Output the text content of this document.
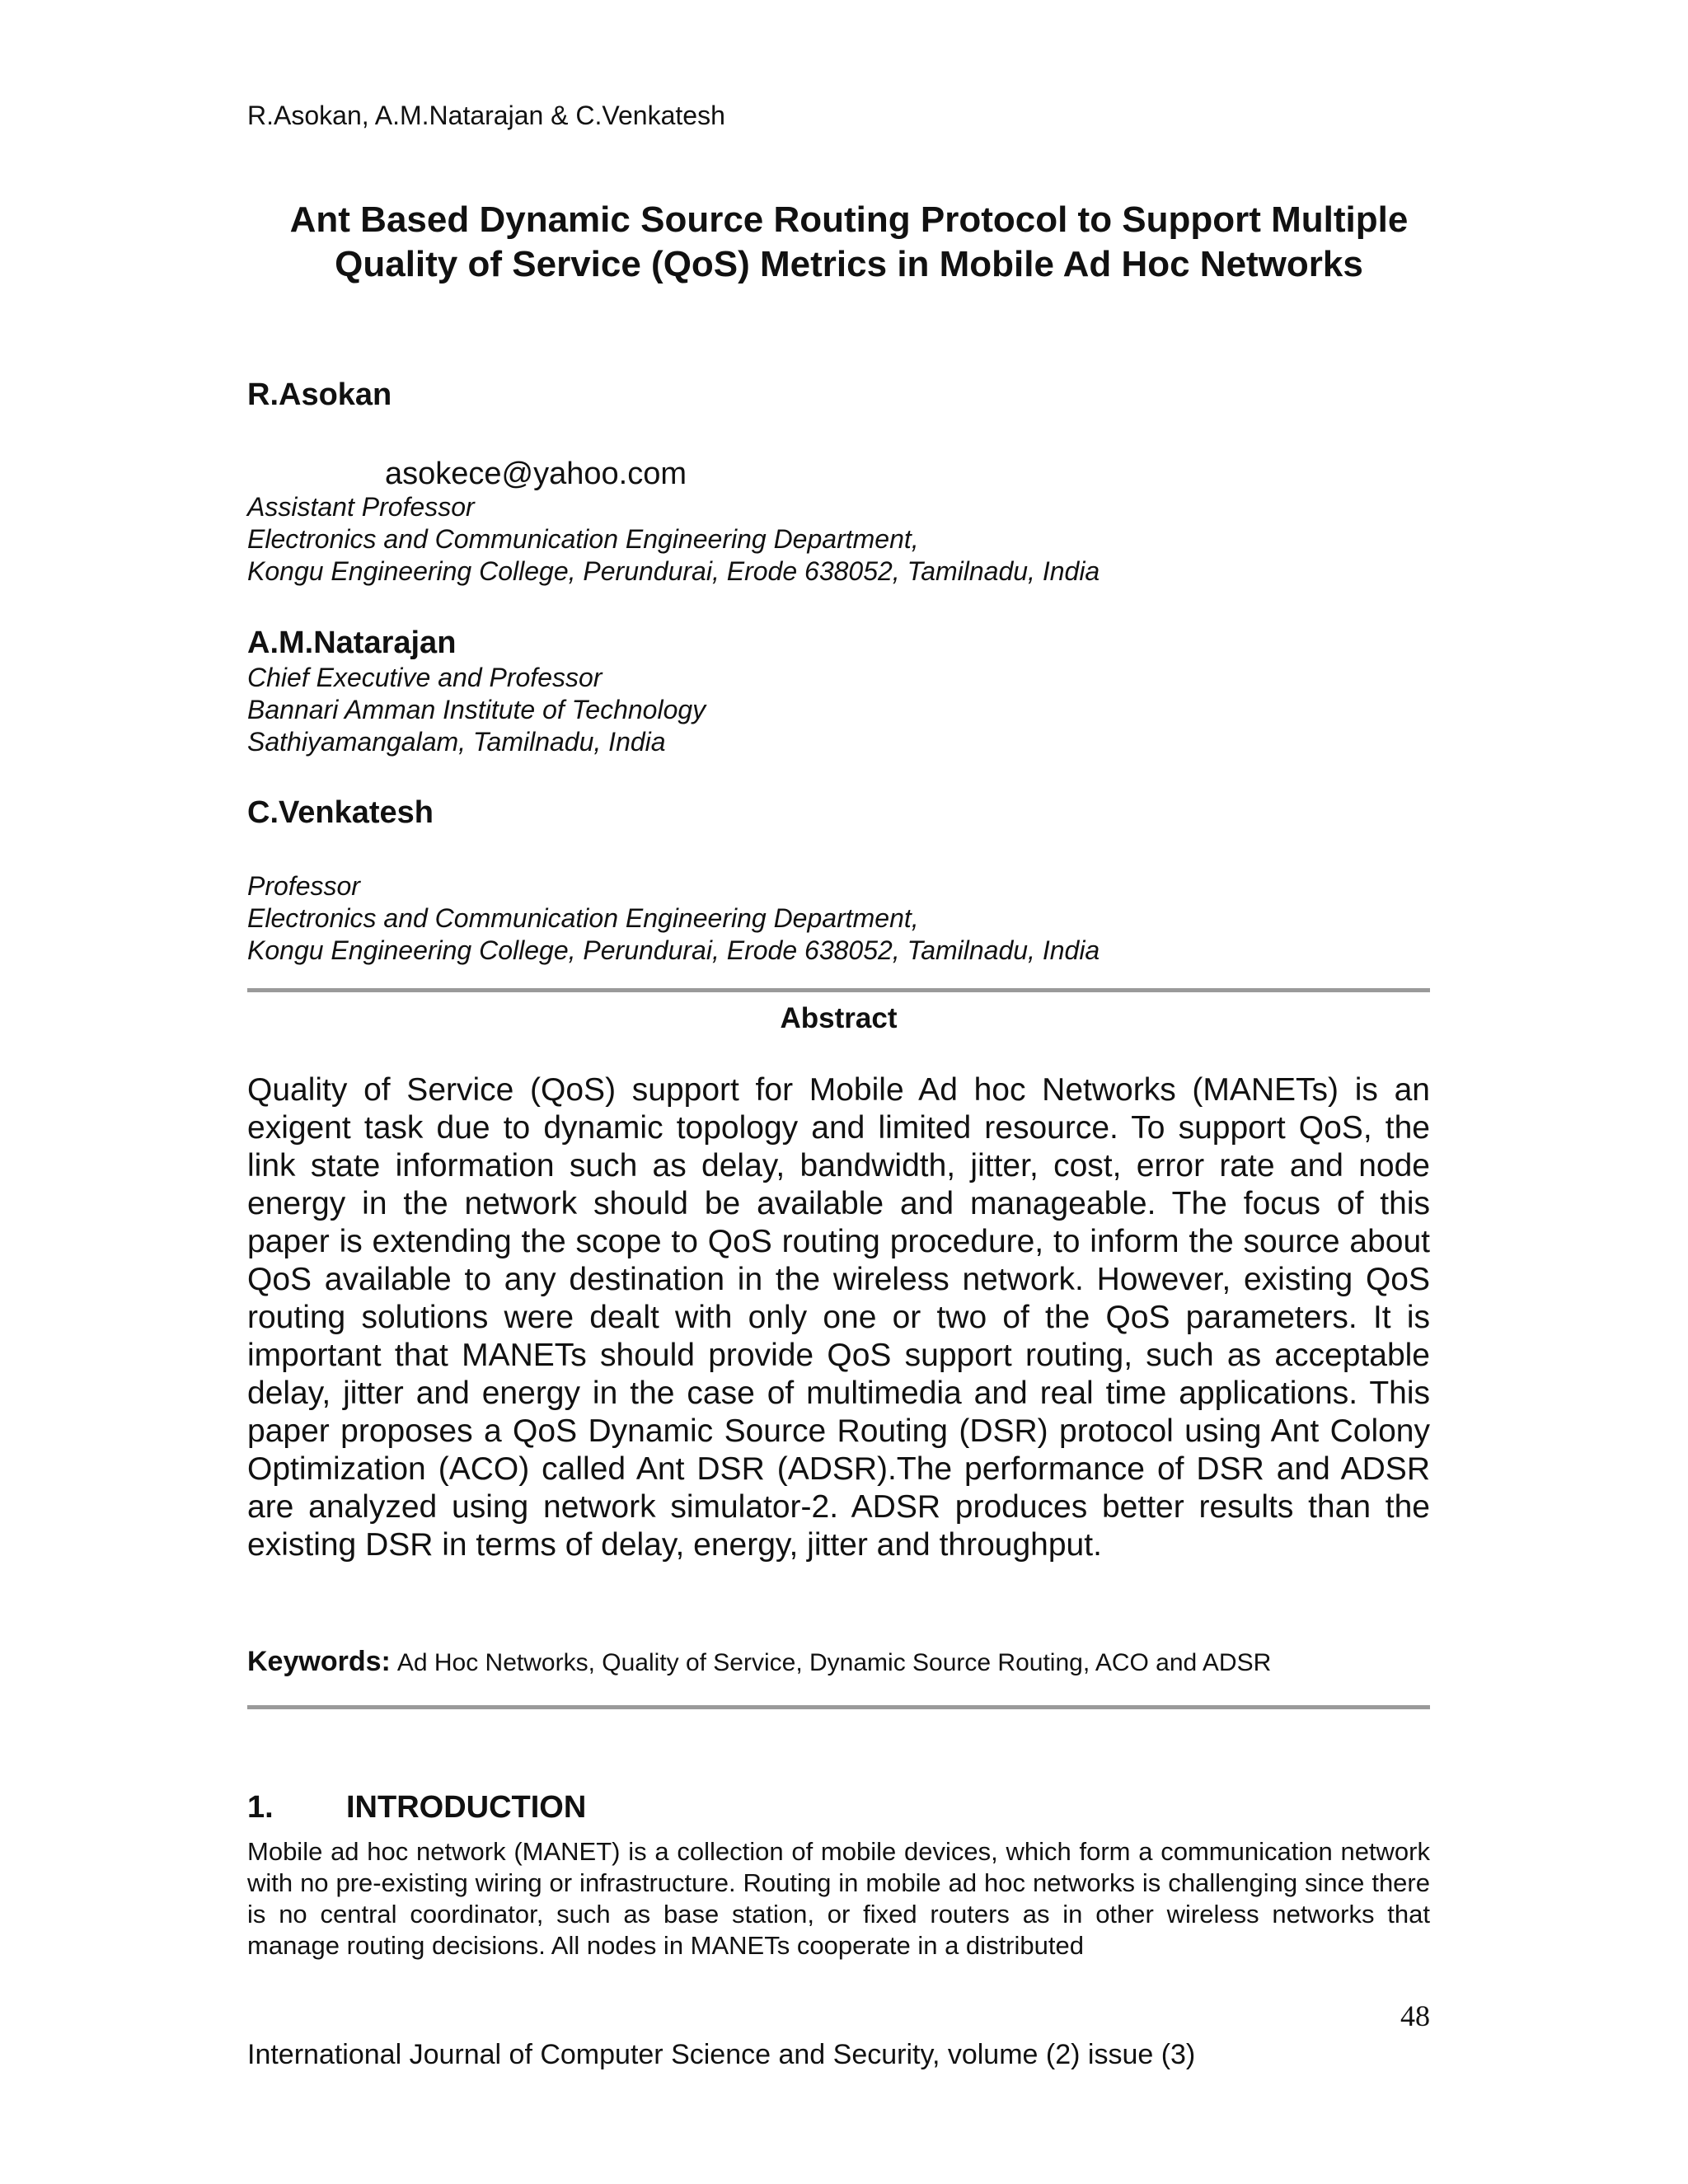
R.Asokan, A.M.Natarajan & C.Venkatesh
Ant Based Dynamic Source Routing Protocol to Support Multiple
Quality of Service (QoS) Metrics in Mobile Ad Hoc Networks
R.Asokan
asokece@yahoo.com
Assistant Professor
Electronics and Communication Engineering Department,
Kongu Engineering College, Perundurai, Erode 638052, Tamilnadu, India
A.M.Natarajan
Chief Executive and Professor
Bannari Amman Institute of Technology
Sathiyamangalam, Tamilnadu, India
C.Venkatesh
Professor
Electronics and Communication Engineering Department,
Kongu Engineering College, Perundurai, Erode 638052, Tamilnadu, India
Abstract
Quality of Service (QoS) support for Mobile Ad hoc Networks (MANETs) is an exigent task due to dynamic topology and limited resource. To support QoS, the link state information such as delay, bandwidth, jitter, cost, error rate and node energy in the network should be available and manageable. The focus of this paper is extending the scope to QoS routing procedure, to inform the source about QoS available to any destination in the wireless network. However, existing QoS routing solutions were dealt with only one or two of the QoS parameters. It is important that MANETs should provide QoS support routing, such as acceptable delay, jitter and energy in the case of multimedia and real time applications. This paper proposes a QoS Dynamic Source Routing (DSR) protocol using Ant Colony Optimization (ACO) called Ant DSR (ADSR).The performance of DSR and ADSR are analyzed using network simulator-2. ADSR produces better results than the existing DSR in terms of delay, energy, jitter and throughput.
Keywords: Ad Hoc Networks, Quality of Service, Dynamic Source Routing, ACO and ADSR
1. INTRODUCTION
Mobile ad hoc network (MANET) is a collection of mobile devices, which form a communication network with no pre-existing wiring or infrastructure. Routing in mobile ad hoc networks is challenging since there is no central coordinator, such as base station, or fixed routers as in other wireless networks that manage routing decisions. All nodes in MANETs cooperate in a distributed
48
International Journal of Computer Science and Security, volume (2) issue (3)
